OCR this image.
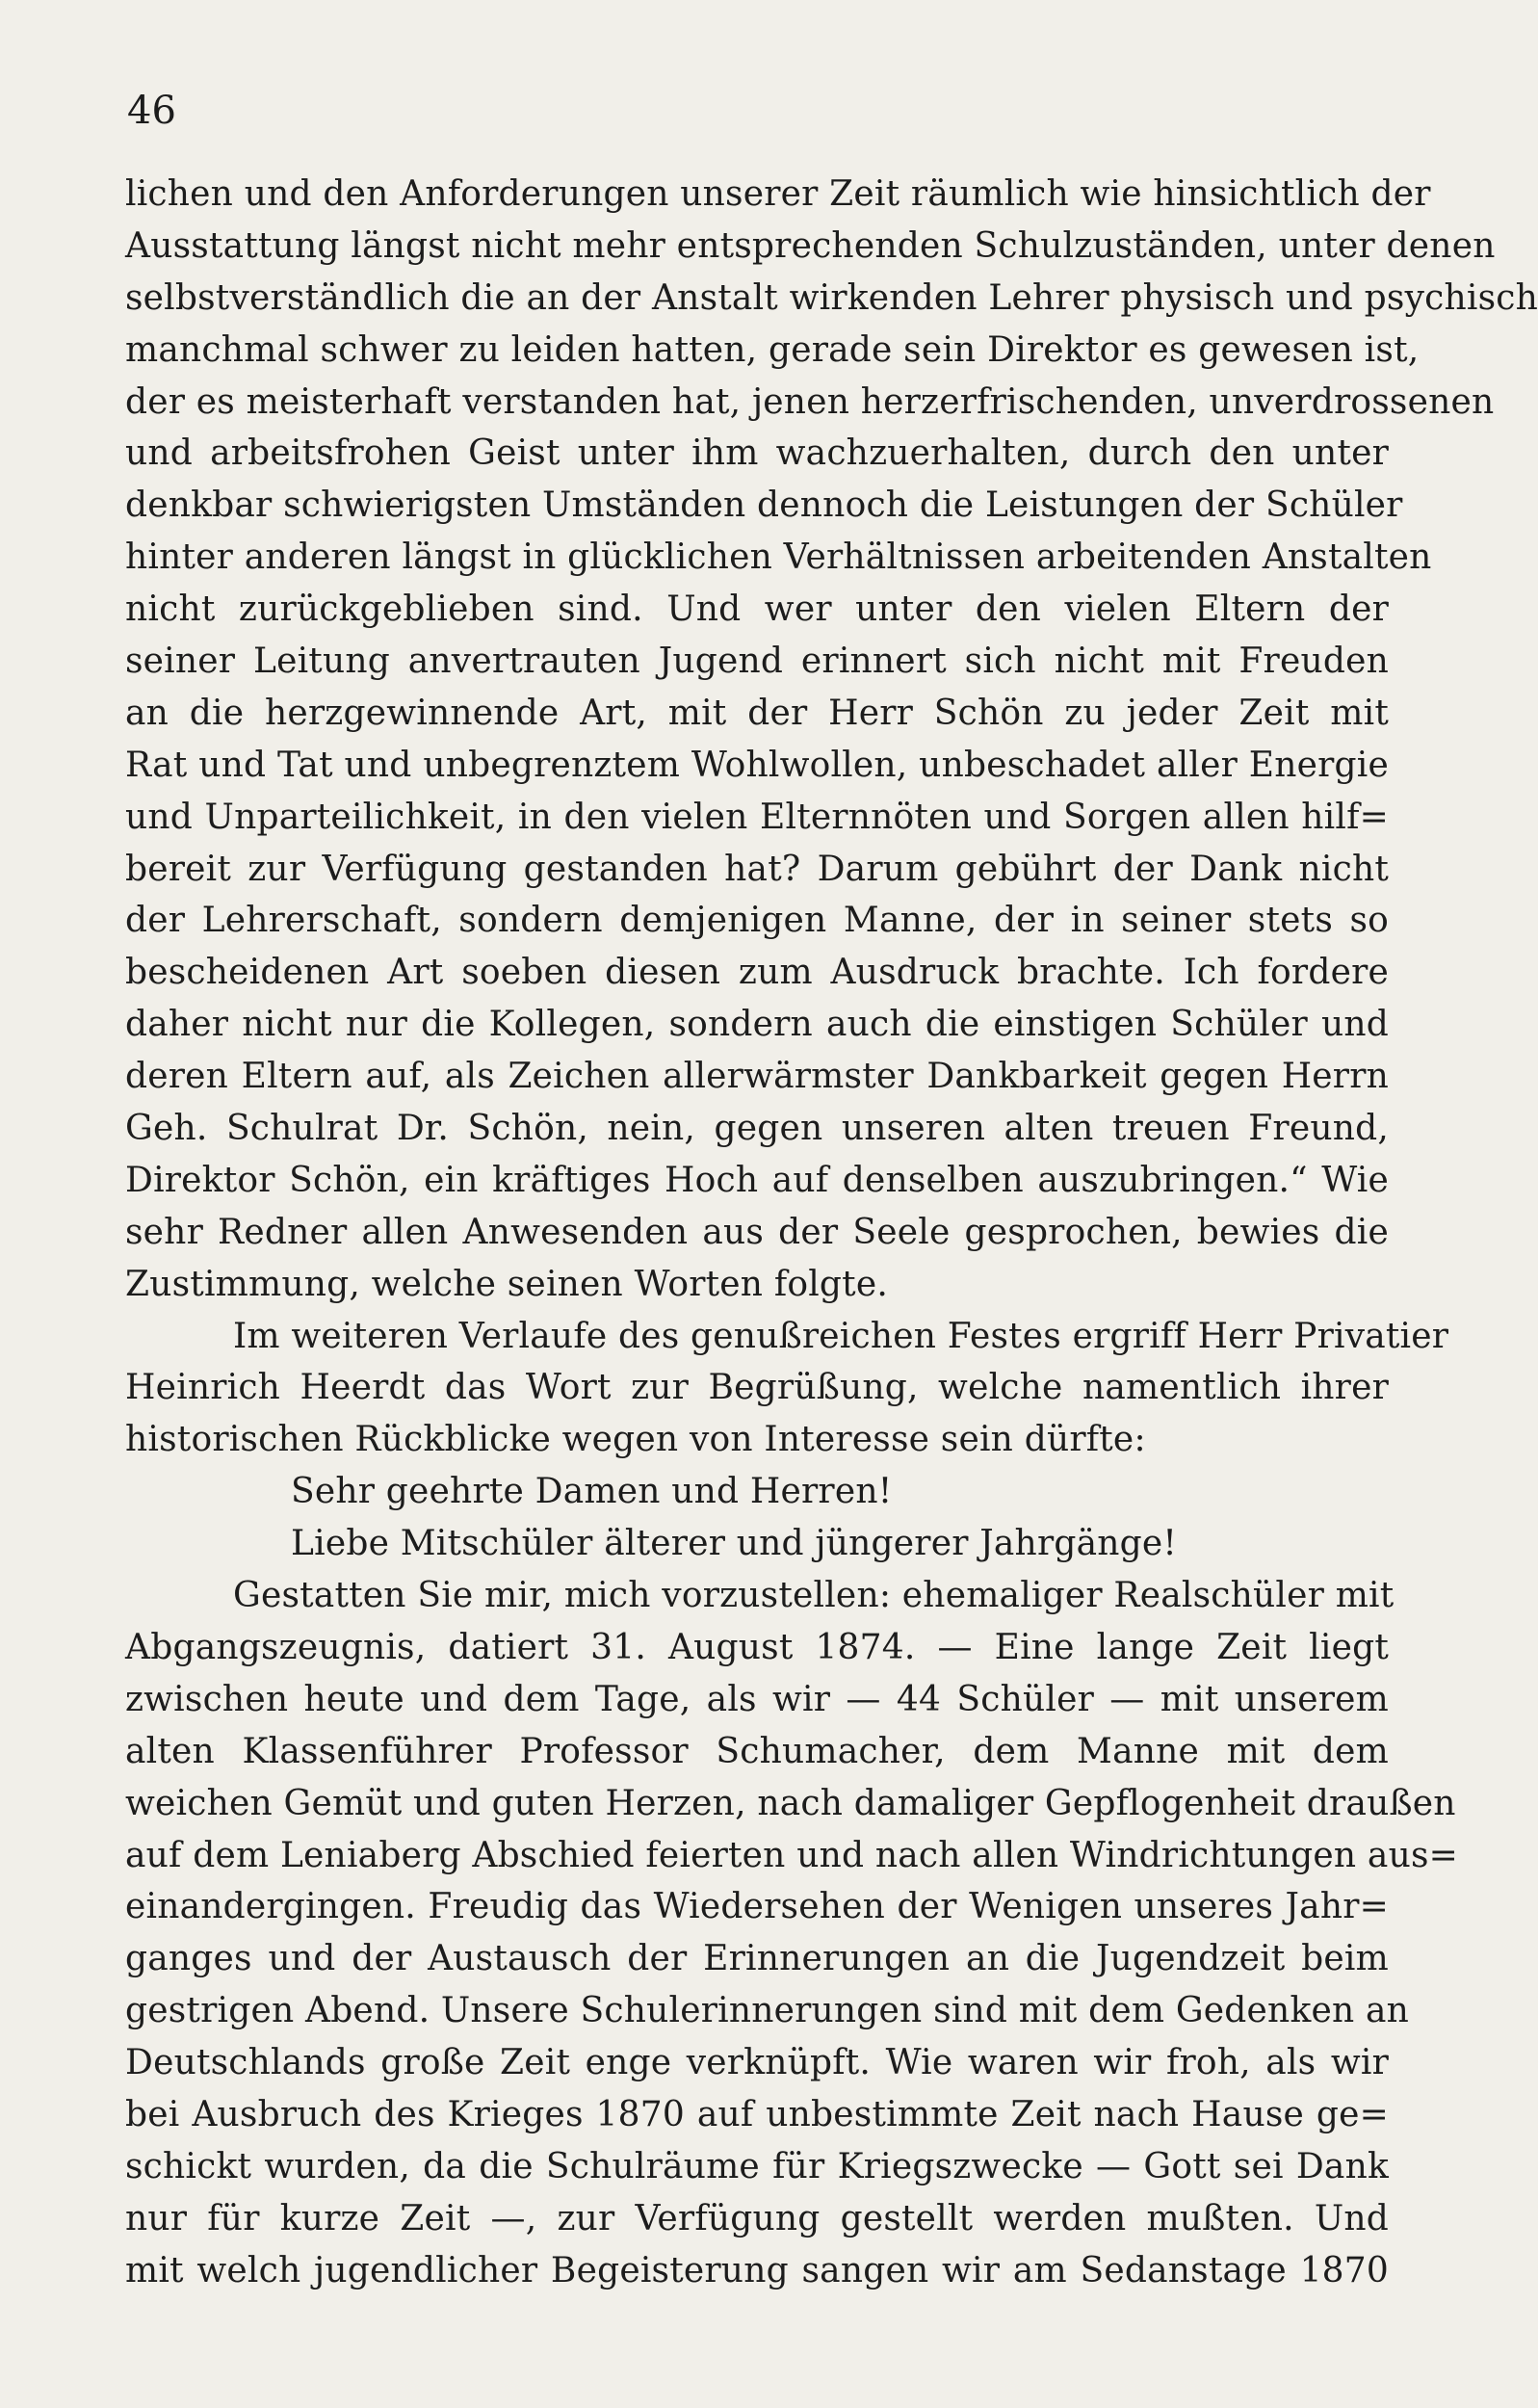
46
lichen und den Anforderungen unserer Zeit räumlich wie hinsichtlich der
Ausstattung längst nicht mehr entsprechenden Schulzuständen, unter denen
selbstverständlich die an der Anstalt wirkenden Lehrer physisch und psychisch
manchmal schwer zu leiden hatten, gerade sein Direktor es gewesen ist,
der es meisterhaft verstanden hat, jenen herzerfrischenden, unverdrossenen
und arbeitsfrohen Geist unter ihm wachzuerhalten, durch den unter
denkbar schwierigsten Umständen dennoch die Leistungen der Schüler
hinter anderen längst in glücklichen Verhältnissen arbeitenden Anstalten
nicht zurückgeblieben sind. Und wer unter den vielen Eltern der
seiner Leitung anvertrauten Jugend erinnert sich nicht mit Freuden
an die herzgewinnende Art, mit der Herr Schön zu jeder Zeit mit
Rat und Tat und unbegrenztem Wohlwollen, unbeschadet aller Energie
und Unparteilichkeit, in den vielen Elternnöten und Sorgen allen hilf=
bereit zur Verfügung gestanden hat? Darum gebührt der Dank nicht
der Lehrerschaft, sondern demjenigen Manne, der in seiner stets so
bescheidenen Art soeben diesen zum Ausdruck brachte. Ich fordere
daher nicht nur die Kollegen, sondern auch die einstigen Schüler und
deren Eltern auf, als Zeichen allerwärmster Dankbarkeit gegen Herrn
Geh. Schulrat Dr. Schön, nein, gegen unseren alten treuen Freund,
Direktor Schön, ein kräftiges Hoch auf denselben auszubringen.“ Wie
sehr Redner allen Anwesenden aus der Seele gesprochen, bewies die
Zustimmung, welche seinen Worten folgte.
Im weiteren Verlaufe des genußreichen Festes ergriff Herr Privatier
Heinrich Heerdt das Wort zur Begrüßung, welche namentlich ihrer
historischen Rückblicke wegen von Interesse sein dürfte:
Sehr geehrte Damen und Herren!
Liebe Mitschüler älterer und jüngerer Jahrgänge!
Gestatten Sie mir, mich vorzustellen: ehemaliger Realschüler mit
Abgangszeugnis, datiert 31. August 1874. — Eine lange Zeit liegt
zwischen heute und dem Tage, als wir — 44 Schüler — mit unserem
alten Klassenführer Professor Schumacher, dem Manne mit dem
weichen Gemüt und guten Herzen, nach damaliger Gepflogenheit draußen
auf dem Leniaberg Abschied feierten und nach allen Windrichtungen aus=
einandergingen. Freudig das Wiedersehen der Wenigen unseres Jahr=
ganges und der Austausch der Erinnerungen an die Jugendzeit beim
gestrigen Abend. Unsere Schulerinnerungen sind mit dem Gedenken an
Deutschlands große Zeit enge verknüpft. Wie waren wir froh, als wir
bei Ausbruch des Krieges 1870 auf unbestimmte Zeit nach Hause ge=
schickt wurden, da die Schulräume für Kriegszwecke — Gott sei Dank
nur für kurze Zeit —, zur Verfügung gestellt werden mußten. Und
mit welch jugendlicher Begeisterung sangen wir am Sedanstage 1870
